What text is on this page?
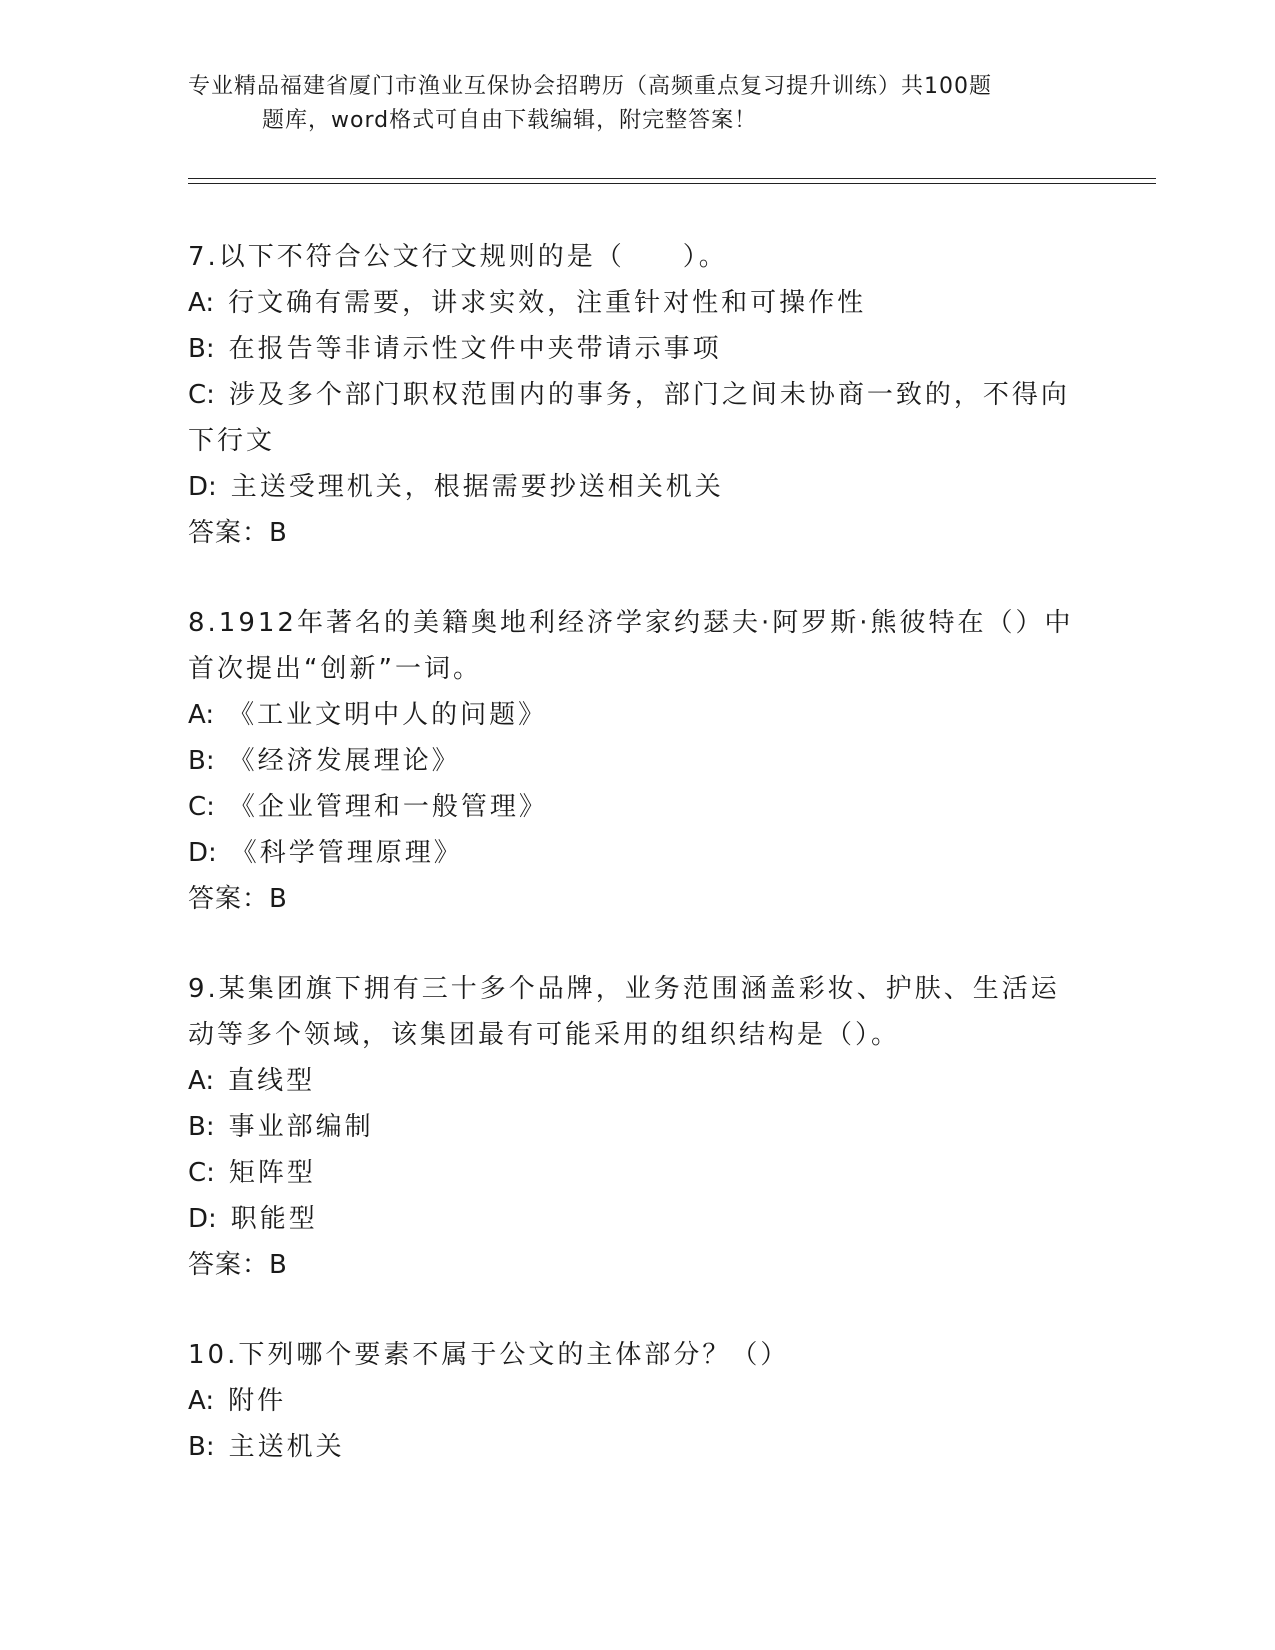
专业精品福建省厦门市渔业互保协会招聘历（高频重点复习提升训练）共100题
题库，word格式可自由下载编辑，附完整答案！
7.以下不符合公文行文规则的是（　　）。
A: 行文确有需要，讲求实效，注重针对性和可操作性
B: 在报告等非请示性文件中夹带请示事项
C: 涉及多个部门职权范围内的事务，部门之间未协商一致的，不得向下行文
D: 主送受理机关，根据需要抄送相关机关
答案：B
8.1912年著名的美籍奥地利经济学家约瑟夫·阿罗斯·熊彼特在（）中首次提出“创新”一词。
A: 《工业文明中人的问题》
B: 《经济发展理论》
C: 《企业管理和一般管理》
D: 《科学管理原理》
答案：B
9.某集团旗下拥有三十多个品牌，业务范围涵盖彩妆、护肤、生活运动等多个领域，该集团最有可能采用的组织结构是（）。
A: 直线型
B: 事业部编制
C: 矩阵型
D: 职能型
答案：B
10.下列哪个要素不属于公文的主体部分？（）
A: 附件
B: 主送机关
